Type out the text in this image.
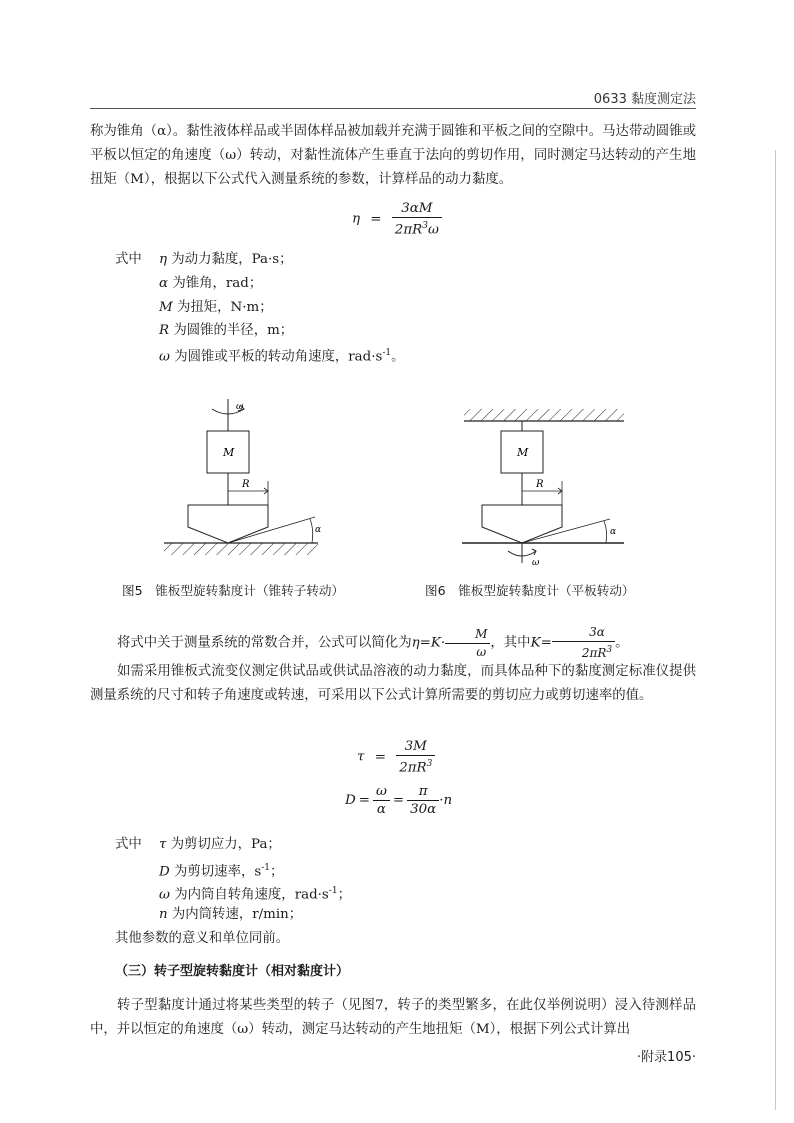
0633 黏度测定法
称为锥角（α）。黏性液体样品或半固体样品被加载并充满于圆锥和平板之间的空隙中。马达带动圆锥或平板以恒定的角速度（ω）转动，对黏性流体产生垂直于法向的剪切作用，同时测定马达转动的产生地扭矩（M），根据以下公式代入测量系统的参数，计算样品的动力黏度。
$\eta = \frac{3\alpha M}{2\pi R^3\omega}$
式中 η 为动力黏度，Pa·s；
α 为锥角，rad；
M 为扭矩，N·m；
R 为圆锥的半径，m；
ω 为圆锥或平板的转动角速度，$rad\cdot s^{-1}$。
ω
M
R
α
M
R
α
ω
图5　锥板型旋转黏度计（锥转子转动）	图6　锥板型旋转黏度计（平板转动）
将式中关于测量系统的常数合并，公式可以简化为$\eta=K\cdot \frac{M}{\omega}$ ，其中$K= \frac{3\alpha}{2\pi R^3}$ 。
如需采用锥板式流变仪测定供试品或供试品溶液的动力黏度，而具体品种下的黏度测定标准仪提供测量系统的尺寸和转子角速度或转速，可采用以下公式计算所需要的剪切应力或剪切速率的值。
$\tau = \frac{3M}{2\pi R^3}$
$D = \frac{\omega}{\alpha} = \frac{\pi}{30\alpha} \cdot n$
式中 τ 为剪切应力，Pa；
D 为剪切速率，$s^{-1}$；
ω 为内筒自转角速度，$rad\cdot s^{-1}$；
n 为内筒转速，r/min；
其他参数的意义和单位同前。
（三）转子型旋转黏度计（相对黏度计）
转子型黏度计通过将某些类型的转子（见图7，转子的类型繁多，在此仅举例说明）浸入待测样品中，并以恒定的角速度（ω）转动，测定马达转动的产生地扭矩（M），根据下列公式计算出
·附录105·
